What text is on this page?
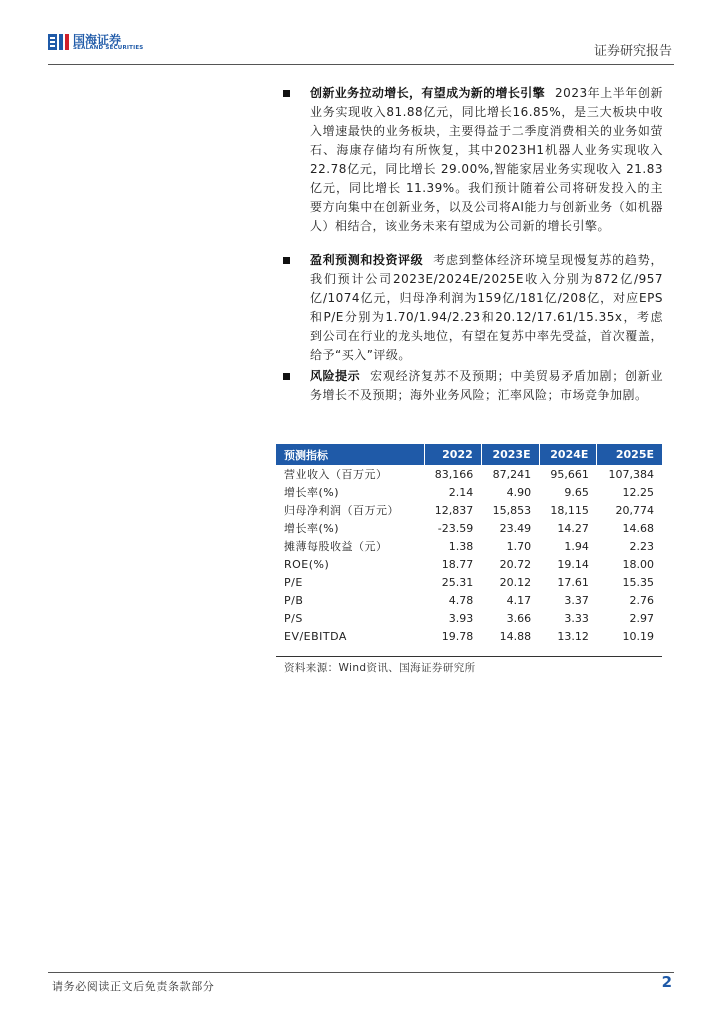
国海证券
SEALAND SECURITIES	证券研究报告
创新业务拉动增长，有望成为新的增长引擎 2023年上半年创新业务实现收入81.88亿元，同比增长16.85%，是三大板块中收入增速最快的业务板块，主要得益于二季度消费相关的业务如萤石、海康存储均有所恢复，其中2023H1机器人业务实现收入22.78亿元，同比增长 29.00%,智能家居业务实现收入 21.83 亿元，同比增长 11.39%。我们预计随着公司将研发投入的主要方向集中在创新业务，以及公司将AI能力与创新业务（如机器人）相结合，该业务未来有望成为公司新的增长引擎。
盈利预测和投资评级 考虑到整体经济环境呈现慢复苏的趋势，我们预计公司2023E/2024E/2025E收入分别为872亿/957亿/1074亿元，归母净利润为159亿/181亿/208亿，对应EPS和P/E分别为1.70/1.94/2.23和20.12/17.61/15.35x，考虑到公司在行业的龙头地位，有望在复苏中率先受益，首次覆盖，给予“买入”评级。
风险提示 宏观经济复苏不及预期；中美贸易矛盾加剧；创新业务增长不及预期；海外业务风险；汇率风险；市场竞争加剧。
预测指标	2022	2023E	2024E	2025E
营业收入（百万元）	83,166	87,241	95,661	107,384
增长率(%)	2.14	4.90	9.65	12.25
归母净利润（百万元）	12,837	15,853	18,115	20,774
增长率(%)	-23.59	23.49	14.27	14.68
摊薄每股收益（元）	1.38	1.70	1.94	2.23
ROE(%)	18.77	20.72	19.14	18.00
P/E	25.31	20.12	17.61	15.35
P/B	4.78	4.17	3.37	2.76
P/S	3.93	3.66	3.33	2.97
EV/EBITDA	19.78	14.88	13.12	10.19
资料来源：Wind资讯、国海证券研究所
请务必阅读正文后免责条款部分	2
